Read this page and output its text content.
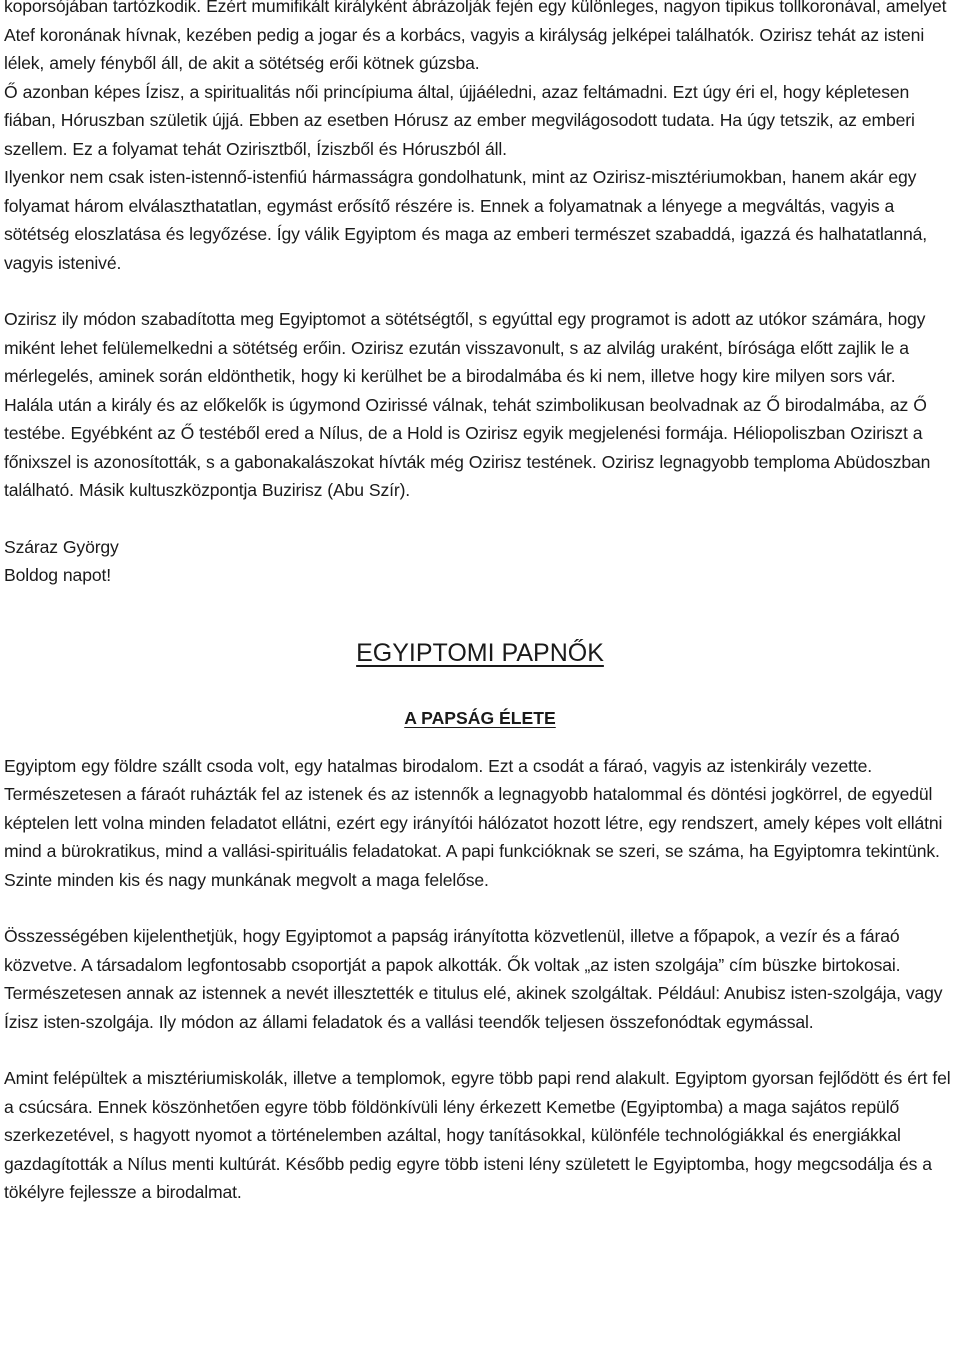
koporsójában tartózkodik. Ezért mumifikált királyként ábrázolják fején egy különleges, nagyon tipikus tollkoronával, amelyet Atef koronának hívnak, kezében pedig a jogar és a korbács, vagyis a királyság jelképei találhatók. Ozirisz tehát az isteni lélek, amely fényből áll, de akit a sötétség erői kötnek gúzsba.

Ő azonban képes Ízisz, a spiritualitás női princípiuma által, újjáéledni, azaz feltámadni. Ezt úgy éri el, hogy képletesen fiában, Hóruszban születik újjá. Ebben az esetben Hórusz az ember megvilágosodott tudata. Ha úgy tetszik, az emberi szellem. Ez a folyamat tehát Ozirisztből, Íziszből és Hóruszból áll.

Ilyenkor nem csak isten-istennő-istenfiú hármasságra gondolhatunk, mint az Ozirisz-misztériumokban, hanem akár egy folyamat három elválaszthatatlan, egymást erősítő részére is. Ennek a folyamatnak a lényege a megváltás, vagyis a sötétség eloszlatása és legyőzése. Így válik Egyiptom és maga az emberi természet szabaddá, igazzá és halhatatlanná, vagyis istenivé.

Ozirisz ily módon szabadította meg Egyiptomot a sötétségtől, s egyúttal egy programot is adott az utókor számára, hogy miként lehet felülemelkedni a sötétség erőin. Ozirisz ezután visszavonult, s az alvilág uraként, bírósága előtt zajlik le a mérlegelés, aminek során eldönthetik, hogy ki kerülhet be a birodalmába és ki nem, illetve hogy kire milyen sors vár.

Halála után a király és az előkelők is úgymond Ozirissé válnak, tehát szimbolikusan beolvadnak az Ő birodalmába, az Ő testébe. Egyébként az Ő testéből ered a Nílus, de a Hold is Ozirisz egyik megjelenési formája. Héliopoliszban Oziriszt a főnixszel is azonosították, s a gabonakalászokat hívták még Ozirisz testének. Ozirisz legnagyobb temploma Abüdoszban található. Másik kultuszközpontja Buzirisz (Abu Szír).

Száraz György

Boldog napot!

EGYIPTOMI PAPNŐK
A PAPSÁG ÉLETE

Egyiptom egy földre szállt csoda volt, egy hatalmas birodalom. Ezt a csodát a fáraó, vagyis az istenkirály vezette. Természetesen a fáraót ruházták fel az istenek és az istennők a legnagyobb hatalommal és döntési jogkörrel, de egyedül képtelen lett volna minden feladatot ellátni, ezért egy irányítói hálózatot hozott létre, egy rendszert, amely képes volt ellátni mind a bürokratikus, mind a vallási-spirituális feladatokat. A papi funkcióknak se szeri, se száma, ha Egyiptomra tekintünk. Szinte minden kis és nagy munkának megvolt a maga felelőse.

Összességében kijelenthetjük, hogy Egyiptomot a papság irányította közvetlenül, illetve a főpapok, a vezír és a fáraó közvetve. A társadalom legfontosabb csoportját a papok alkották. Ők voltak „az isten szolgája” cím büszke birtokosai. Természetesen annak az istennek a nevét illesztették e titulus elé, akinek szolgáltak. Például: Anubisz isten-szolgája, vagy Ízisz isten-szolgája. Ily módon az állami feladatok és a vallási teendők teljesen összefonódtak egymással.

Amint felépültek a misztériumiskolák, illetve a templomok, egyre több papi rend alakult. Egyiptom gyorsan fejlődött és ért fel a csúcsára. Ennek köszönhetően egyre több földönkívüli lény érkezett Kemetbe (Egyiptomba) a maga sajátos repülő szerkezetével, s hagyott nyomot a történelemben azáltal, hogy tanításokkal, különféle technológiákkal és energiákkal gazdagították a Nílus menti kultúrát. Később pedig egyre több isteni lény született le Egyiptomba, hogy megcsodálja és a tökélyre fejlessze a birodalmat.
